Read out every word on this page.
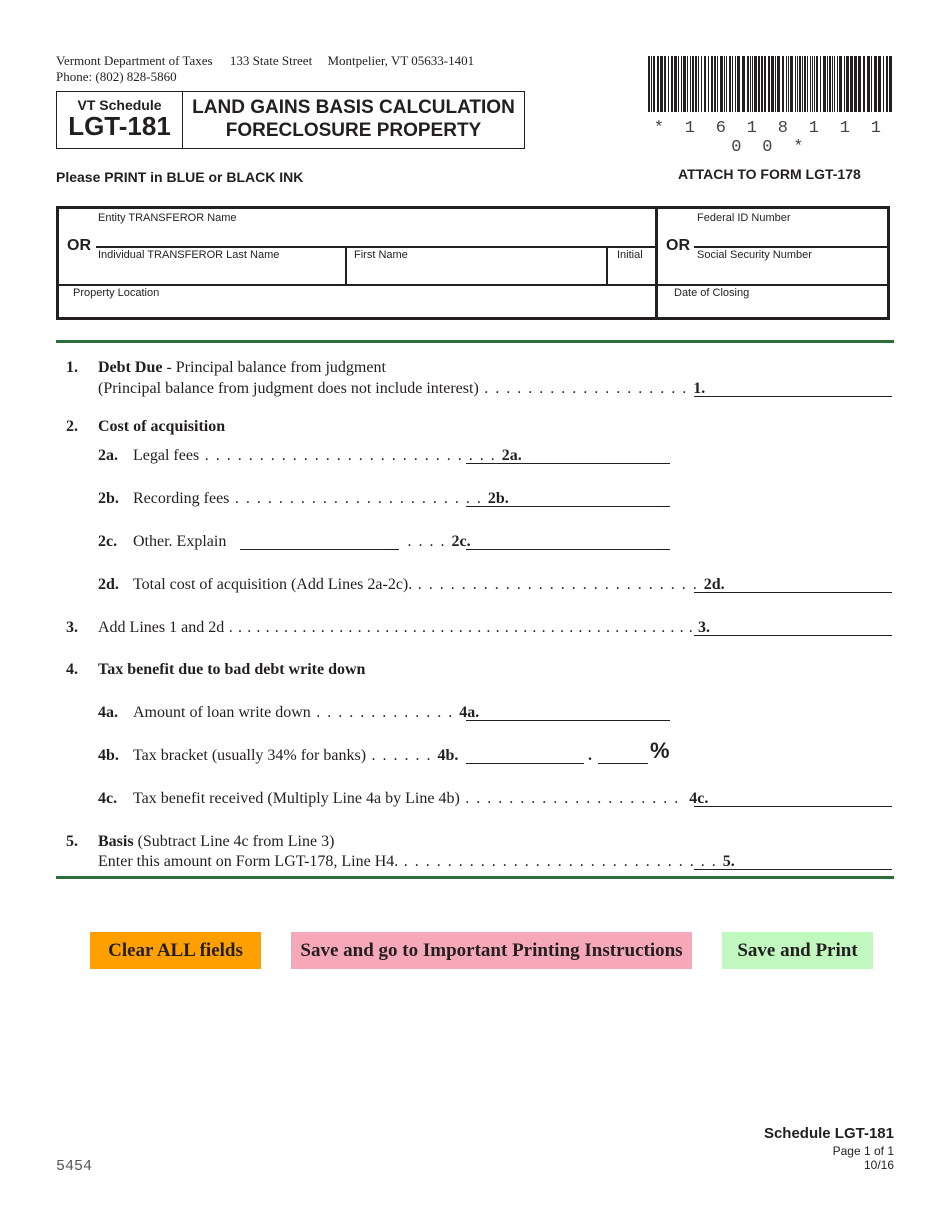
Vermont Department of Taxes 133 State Street Montpelier, VT 05633-1401
Phone: (802) 828-5860
VT Schedule
LGT-181
LAND GAINS BASIS CALCULATION
FORECLOSURE PROPERTY	* 1 6 1 8 1 1 1 0 0 *
Please PRINT in BLUE or BLACK INK	ATTACH TO FORM LGT-178
Entity TRANSFEROR Name
OR
Individual TRANSFEROR Last Name	First Name	Initial
Federal ID Number
OR
Social Security Number
Property Location	Date of Closing
1. Debt Due - Principal balance from judgment
(Principal balance from judgment does not include interest) . . . . . . . . . . . . . . . . . . . 1.
2. Cost of acquisition
2a. Legal fees . . . . . . . . . . . . . . . . . . . . . . . . . . . 2a.
2b. Recording fees . . . . . . . . . . . . . . . . . . . . . . . 2b.
2c. Other. Explain	. . . . 2c.
2d. Total cost of acquisition (Add Lines 2a-2c). . . . . . . . . . . . . . . . . . . . . . . . . . . 2d.
3. Add Lines 1 and 2d . . . . . . . . . . . . . . . . . . . . . . . . . . . . . . . . . . . . . . . . . . . . . . . . . . . 3.
4. Tax benefit due to bad debt write down
4a. Amount of loan write down . . . . . . . . . . . . . 4a.
4b. Tax bracket (usually 34% for banks) . . . . . . 4b.	.	%
4c. Tax benefit received (Multiply Line 4a by Line 4b) . . . . . . . . . . . . . . . . . . . . 4c.
5. Basis (Subtract Line 4c from Line 3)
Enter this amount on Form LGT-178, Line H4. . . . . . . . . . . . . . . . . . . . . . . . . . . . . . 5.
Clear ALL fields	Save and go to Important Printing Instructions	Save and Print
5454
Schedule LGT-181
Page 1 of 1
10/16
